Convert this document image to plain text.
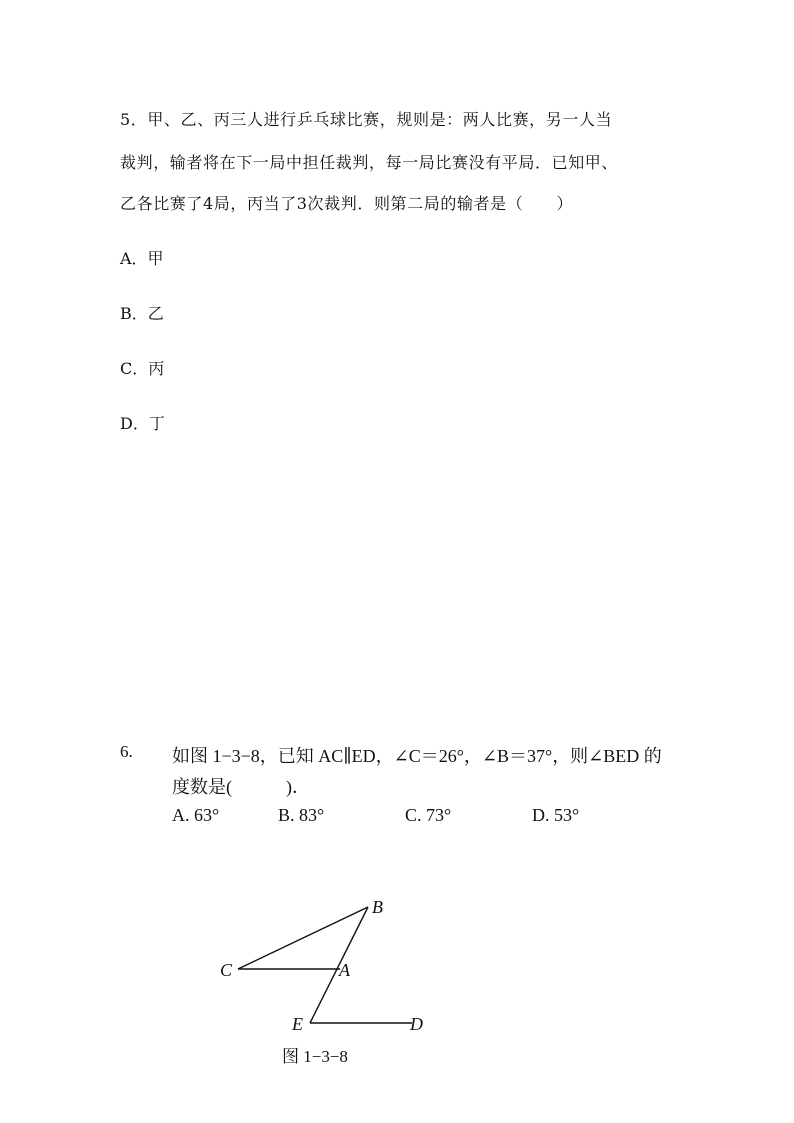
5．甲、乙、丙三人进行乒乓球比赛，规则是：两人比赛，另一人当
裁判，输者将在下一局中担任裁判，每一局比赛没有平局．已知甲、
乙各比赛了4局，丙当了3次裁判．则第二局的输者是（　　）
A．甲
B．乙
C．丙
D．丁
6. 如图 1−3−8，已知 AC∥ED，∠C＝26°，∠B＝37°，则∠BED 的
度数是(　　　)．
A. 63°	B. 83°	C. 73°	D. 53°
B
C	A
E	D
图 1−3−8
